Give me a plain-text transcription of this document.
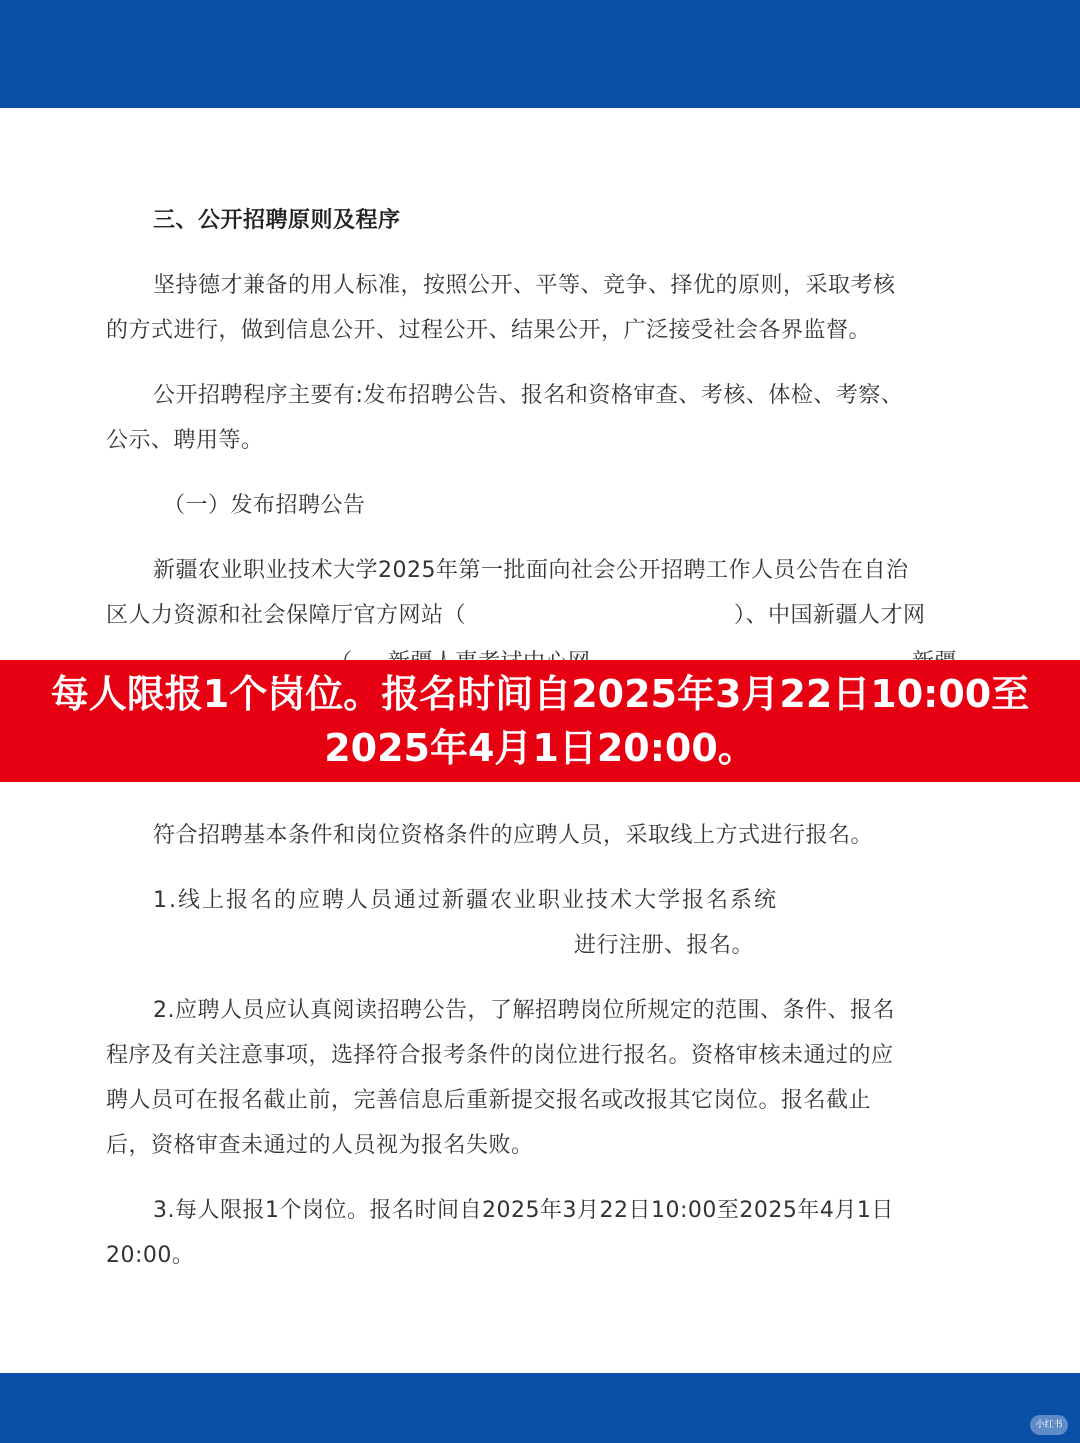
三、公开招聘原则及程序
坚持德才兼备的用人标准，按照公开、平等、竞争、择优的原则，采取考核
的方式进行，做到信息公开、过程公开、结果公开，广泛接受社会各界监督。
公开招聘程序主要有:发布招聘公告、报名和资格审查、考核、体检、考察、
公示、聘用等。
（一）发布招聘公告
新疆农业职业技术大学2025年第一批面向社会公开招聘工作人员公告在自治
区人力资源和社会保障厅官方网站（	）、中国新疆人才网
每人限报1个岗位。报名时间自2025年3月22日10:00至
2025年4月1日20:00。
符合招聘基本条件和岗位资格条件的应聘人员，采取线上方式进行报名。
1.线上报名的应聘人员通过新疆农业职业技术大学报名系统
进行注册、报名。
2.应聘人员应认真阅读招聘公告，了解招聘岗位所规定的范围、条件、报名
程序及有关注意事项，选择符合报考条件的岗位进行报名。资格审核未通过的应
聘人员可在报名截止前，完善信息后重新提交报名或改报其它岗位。报名截止
后，资格审查未通过的人员视为报名失败。
3.每人限报1个岗位。报名时间自2025年3月22日10:00至2025年4月1日
20:00。
小红书
